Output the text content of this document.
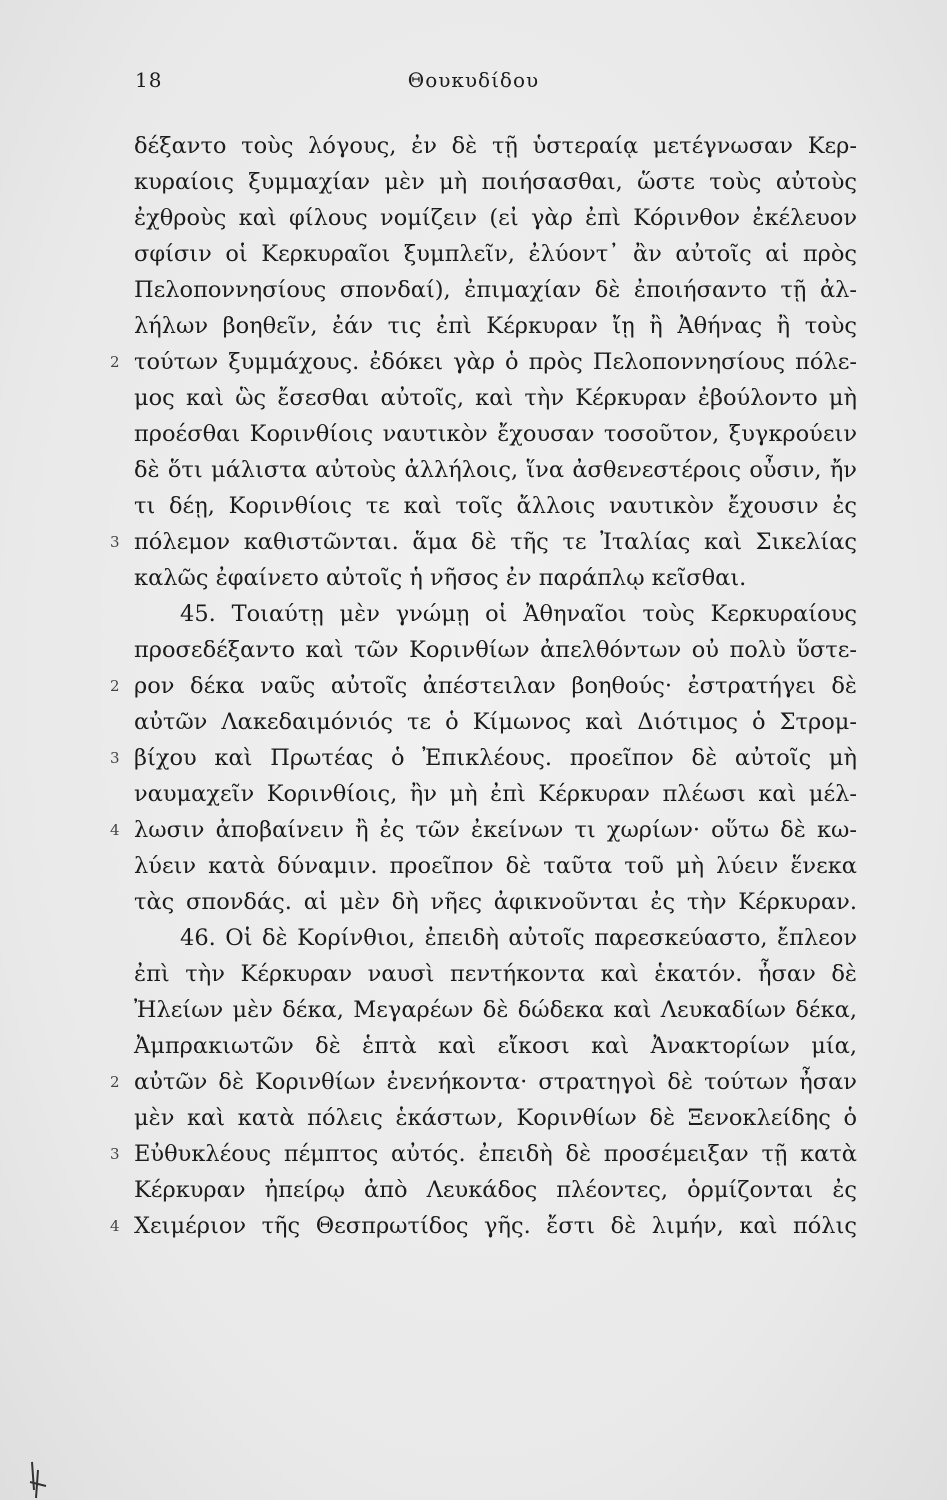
18	Θουκυδίδου
δέξαντο τοὺς λόγους, ἐν δὲ τῇ ὑστεραίᾳ μετέγνωσαν Κερ-
κυραίοις ξυμμαχίαν μὲν μὴ ποιήσασθαι, ὥστε τοὺς αὐτοὺς
ἐχθροὺς καὶ φίλους νομίζειν (εἰ γὰρ ἐπὶ Κόρινθον ἐκέλευον
σφίσιν οἱ Κερκυραῖοι ξυμπλεῖν, ἐλύοντ᾽ ἂν αὐτοῖς αἱ πρὸς
Πελοποννησίους σπονδαί), ἐπιμαχίαν δὲ ἐποιήσαντο τῇ ἀλ-
λήλων βοηθεῖν, ἐάν τις ἐπὶ Κέρκυραν ἴῃ ἢ Ἀθήνας ἢ τοὺς
2 τούτων ξυμμάχους. ἐδόκει γὰρ ὁ πρὸς Πελοποννησίους πόλε-
μος καὶ ὣς ἔσεσθαι αὐτοῖς, καὶ τὴν Κέρκυραν ἐβούλοντο μὴ
προέσθαι Κορινθίοις ναυτικὸν ἔχουσαν τοσοῦτον, ξυγκρούειν
δὲ ὅτι μάλιστα αὐτοὺς ἀλλήλοις, ἵνα ἀσθενεστέροις οὖσιν, ἤν
τι δέῃ, Κορινθίοις τε καὶ τοῖς ἄλλοις ναυτικὸν ἔχουσιν ἐς
3 πόλεμον καθιστῶνται. ἅμα δὲ τῆς τε Ἰταλίας καὶ Σικελίας
καλῶς ἐφαίνετο αὐτοῖς ἡ νῆσος ἐν παράπλῳ κεῖσθαι.
45. Τοιαύτῃ μὲν γνώμῃ οἱ Ἀθηναῖοι τοὺς Κερκυραίους
προσεδέξαντο καὶ τῶν Κορινθίων ἀπελθόντων οὐ πολὺ ὕστε-
2 ρον δέκα ναῦς αὐτοῖς ἀπέστειλαν βοηθούς· ἐστρατήγει δὲ
αὐτῶν Λακεδαιμόνιός τε ὁ Κίμωνος καὶ Διότιμος ὁ Στρομ-
3 βίχου καὶ Πρωτέας ὁ Ἐπικλέους. προεῖπον δὲ αὐτοῖς μὴ
ναυμαχεῖν Κορινθίοις, ἢν μὴ ἐπὶ Κέρκυραν πλέωσι καὶ μέλ-
4 λωσιν ἀποβαίνειν ἢ ἐς τῶν ἐκείνων τι χωρίων· οὕτω δὲ κω-
λύειν κατὰ δύναμιν. προεῖπον δὲ ταῦτα τοῦ μὴ λύειν ἕνεκα
τὰς σπονδάς. αἱ μὲν δὴ νῆες ἀφικνοῦνται ἐς τὴν Κέρκυραν.
46. Οἱ δὲ Κορίνθιοι, ἐπειδὴ αὐτοῖς παρεσκεύαστο, ἔπλεον
ἐπὶ τὴν Κέρκυραν ναυσὶ πεντήκοντα καὶ ἑκατόν. ἦσαν δὲ
Ἠλείων μὲν δέκα, Μεγαρέων δὲ δώδεκα καὶ Λευκαδίων δέκα,
Ἀμπρακιωτῶν δὲ ἑπτὰ καὶ εἴκοσι καὶ Ἀνακτορίων μία,
2 αὐτῶν δὲ Κορινθίων ἐνενήκοντα· στρατηγοὶ δὲ τούτων ἦσαν
μὲν καὶ κατὰ πόλεις ἑκάστων, Κορινθίων δὲ Ξενοκλείδης ὁ
3 Εὐθυκλέους πέμπτος αὐτός. ἐπειδὴ δὲ προσέμειξαν τῇ κατὰ
Κέρκυραν ἠπείρῳ ἀπὸ Λευκάδος πλέοντες, ὁρμίζονται ἐς
4 Χειμέριον τῆς Θεσπρωτίδος γῆς. ἔστι δὲ λιμήν, καὶ πόλις
